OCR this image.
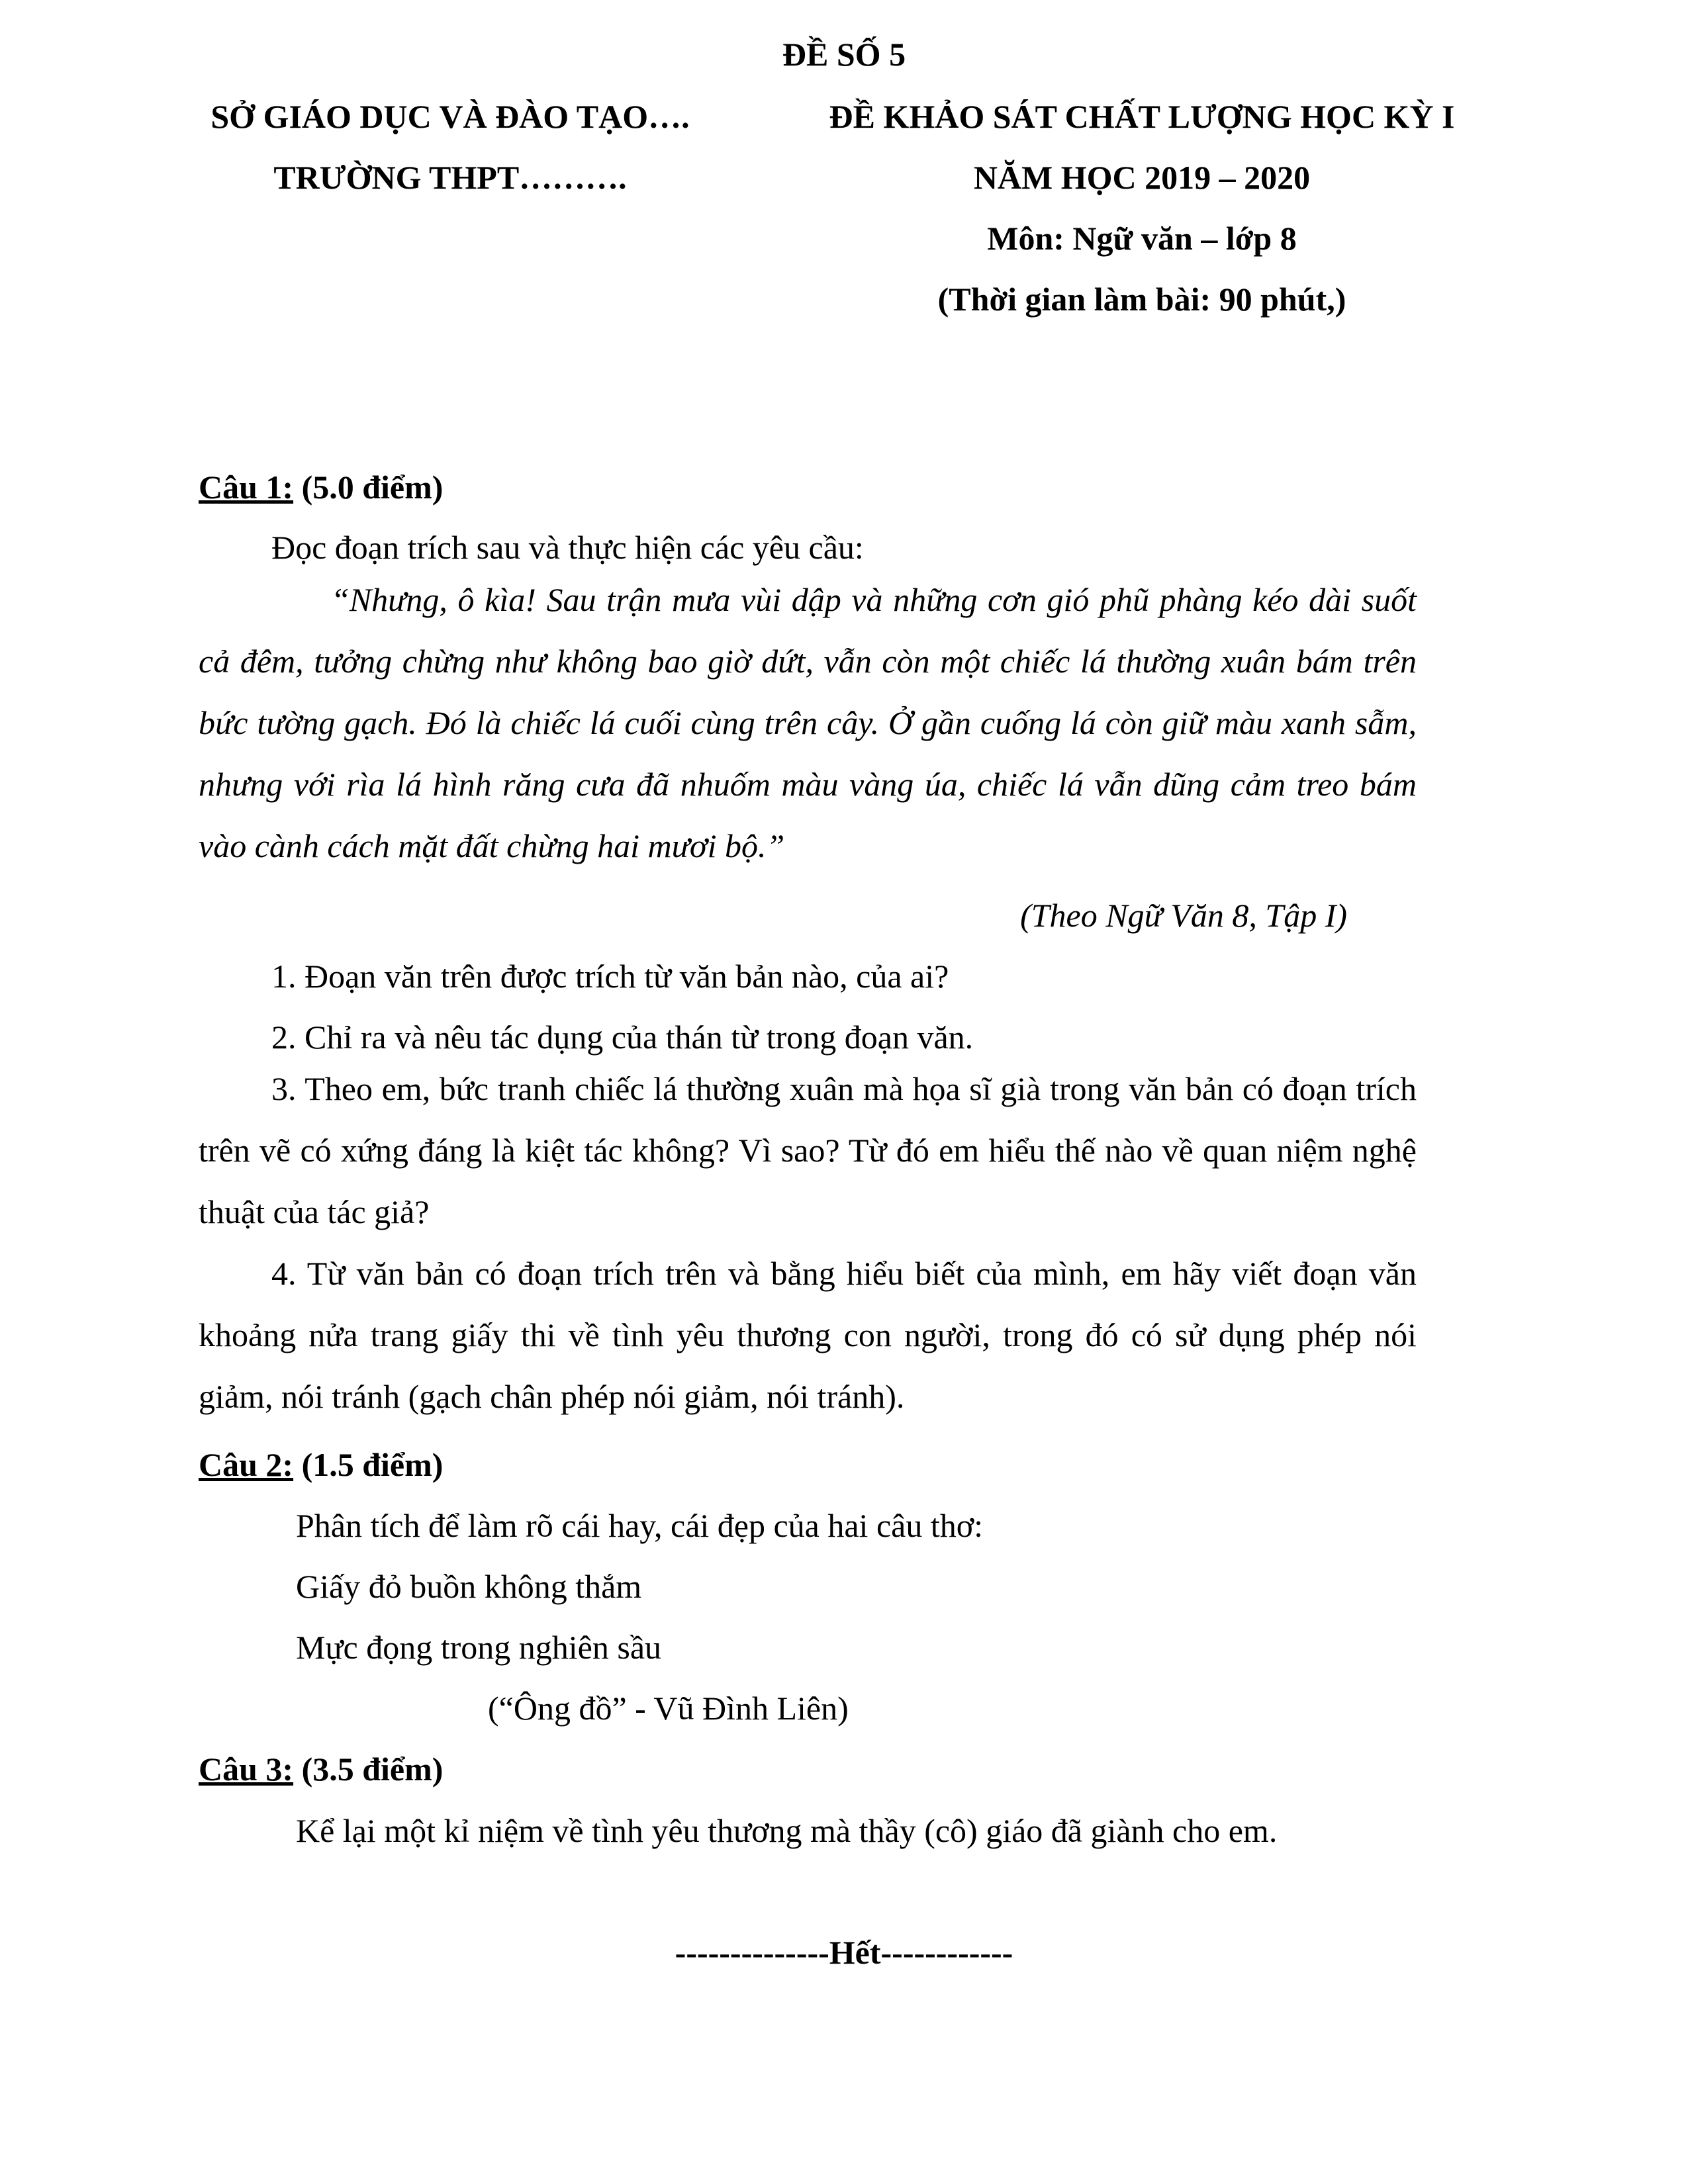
ĐỀ SỐ 5
SỞ GIÁO DỤC VÀ ĐÀO TẠO….	ĐỀ KHẢO SÁT CHẤT LƯỢNG HỌC KỲ I
TRƯỜNG THPT……….	NĂM HỌC 2019 – 2020
Môn: Ngữ văn – lớp 8
(Thời gian làm bài: 90 phút,)
Câu 1: (5.0 điểm)
Đọc đoạn trích sau và thực hiện các yêu cầu:
“Nhưng, ô kìa! Sau trận mưa vùi dập và những cơn gió phũ phàng kéo dài suốt cả đêm, tưởng chừng như không bao giờ dứt, vẫn còn một chiếc lá thường xuân bám trên bức tường gạch. Đó là chiếc lá cuối cùng trên cây. Ở gần cuống lá còn giữ màu xanh sẫm, nhưng với rìa lá hình răng cưa đã nhuốm màu vàng úa, chiếc lá vẫn dũng cảm treo bám vào cành cách mặt đất chừng hai mươi bộ.”
(Theo Ngữ Văn 8, Tập I)
1. Đoạn văn trên được trích từ văn bản nào, của ai?
2. Chỉ ra và nêu tác dụng của thán từ trong đoạn văn.
3. Theo em, bức tranh chiếc lá thường xuân mà họa sĩ già trong văn bản có đoạn trích trên vẽ có xứng đáng là kiệt tác không? Vì sao? Từ đó em hiểu thế nào về quan niệm nghệ thuật của tác giả?
4. Từ văn bản có đoạn trích trên và bằng hiểu biết của mình, em hãy viết đoạn văn khoảng nửa trang giấy thi về tình yêu thương con người, trong đó có sử dụng phép nói giảm, nói tránh (gạch chân phép nói giảm, nói tránh).
Câu 2: (1.5 điểm)
Phân tích để làm rõ cái hay, cái đẹp của hai câu thơ:
Giấy đỏ buồn không thắm
Mực đọng trong nghiên sầu
(“Ông đồ” - Vũ Đình Liên)
Câu 3: (3.5 điểm)
Kể lại một kỉ niệm về tình yêu thương mà thầy (cô) giáo đã giành cho em.
--------------Hết------------
